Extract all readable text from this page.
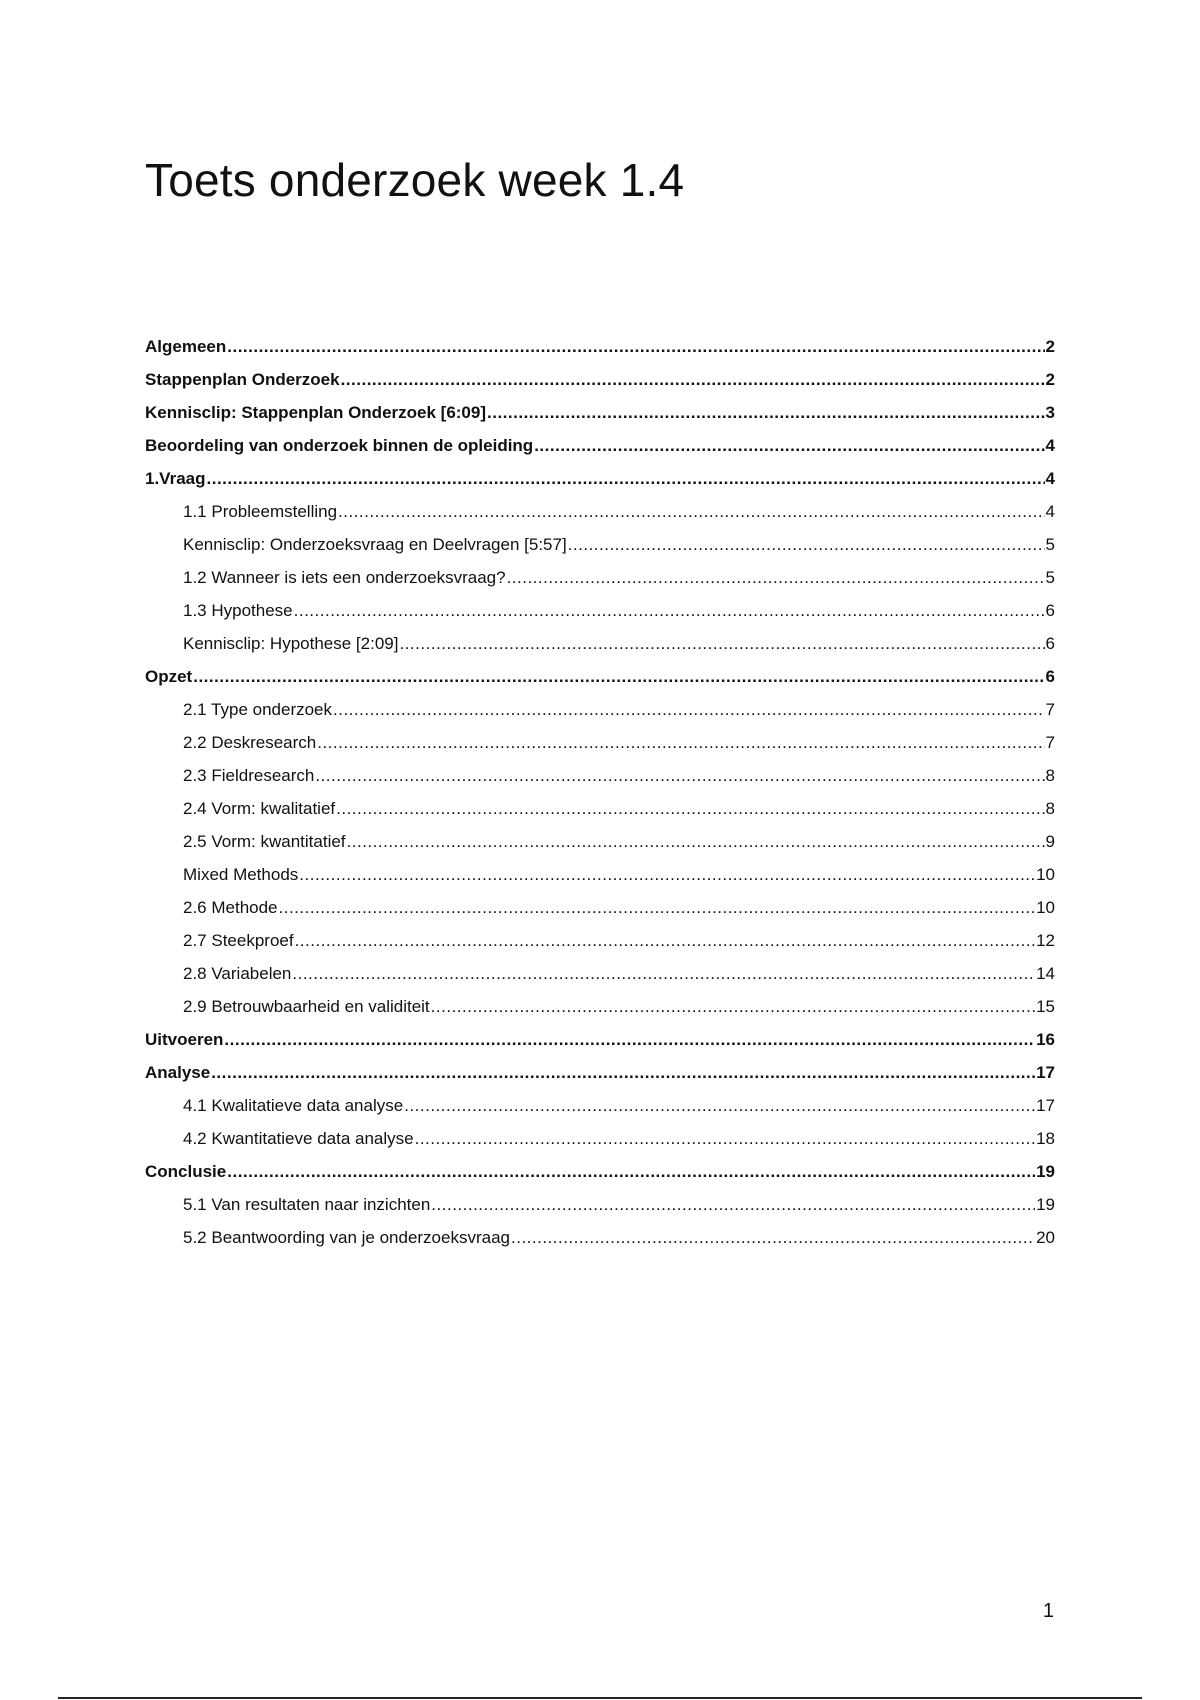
Toets onderzoek week 1.4
Algemeen .....	2
Stappenplan Onderzoek .....	2
Kennisclip: Stappenplan Onderzoek [6:09] .....	3
Beoordeling van onderzoek binnen de opleiding .....	4
1.Vraag .....	4
1.1 Probleemstelling .....	4
Kennisclip: Onderzoeksvraag en Deelvragen [5:57] .....	5
1.2 Wanneer is iets een onderzoeksvraag? .....	5
1.3 Hypothese .....	6
Kennisclip: Hypothese [2:09] .....	6
Opzet .....	6
2.1 Type onderzoek .....	7
2.2 Deskresearch .....	7
2.3 Fieldresearch .....	8
2.4 Vorm: kwalitatief .....	8
2.5 Vorm: kwantitatief .....	9
Mixed Methods .....	10
2.6 Methode .....	10
2.7 Steekproef .....	12
2.8 Variabelen .....	14
2.9 Betrouwbaarheid en validiteit .....	15
Uitvoeren .....	16
Analyse .....	17
4.1 Kwalitatieve data analyse .....	17
4.2 Kwantitatieve data analyse .....	18
Conclusie .....	19
5.1 Van resultaten naar inzichten .....	19
5.2 Beantwoording van je onderzoeksvraag .....	20
1
